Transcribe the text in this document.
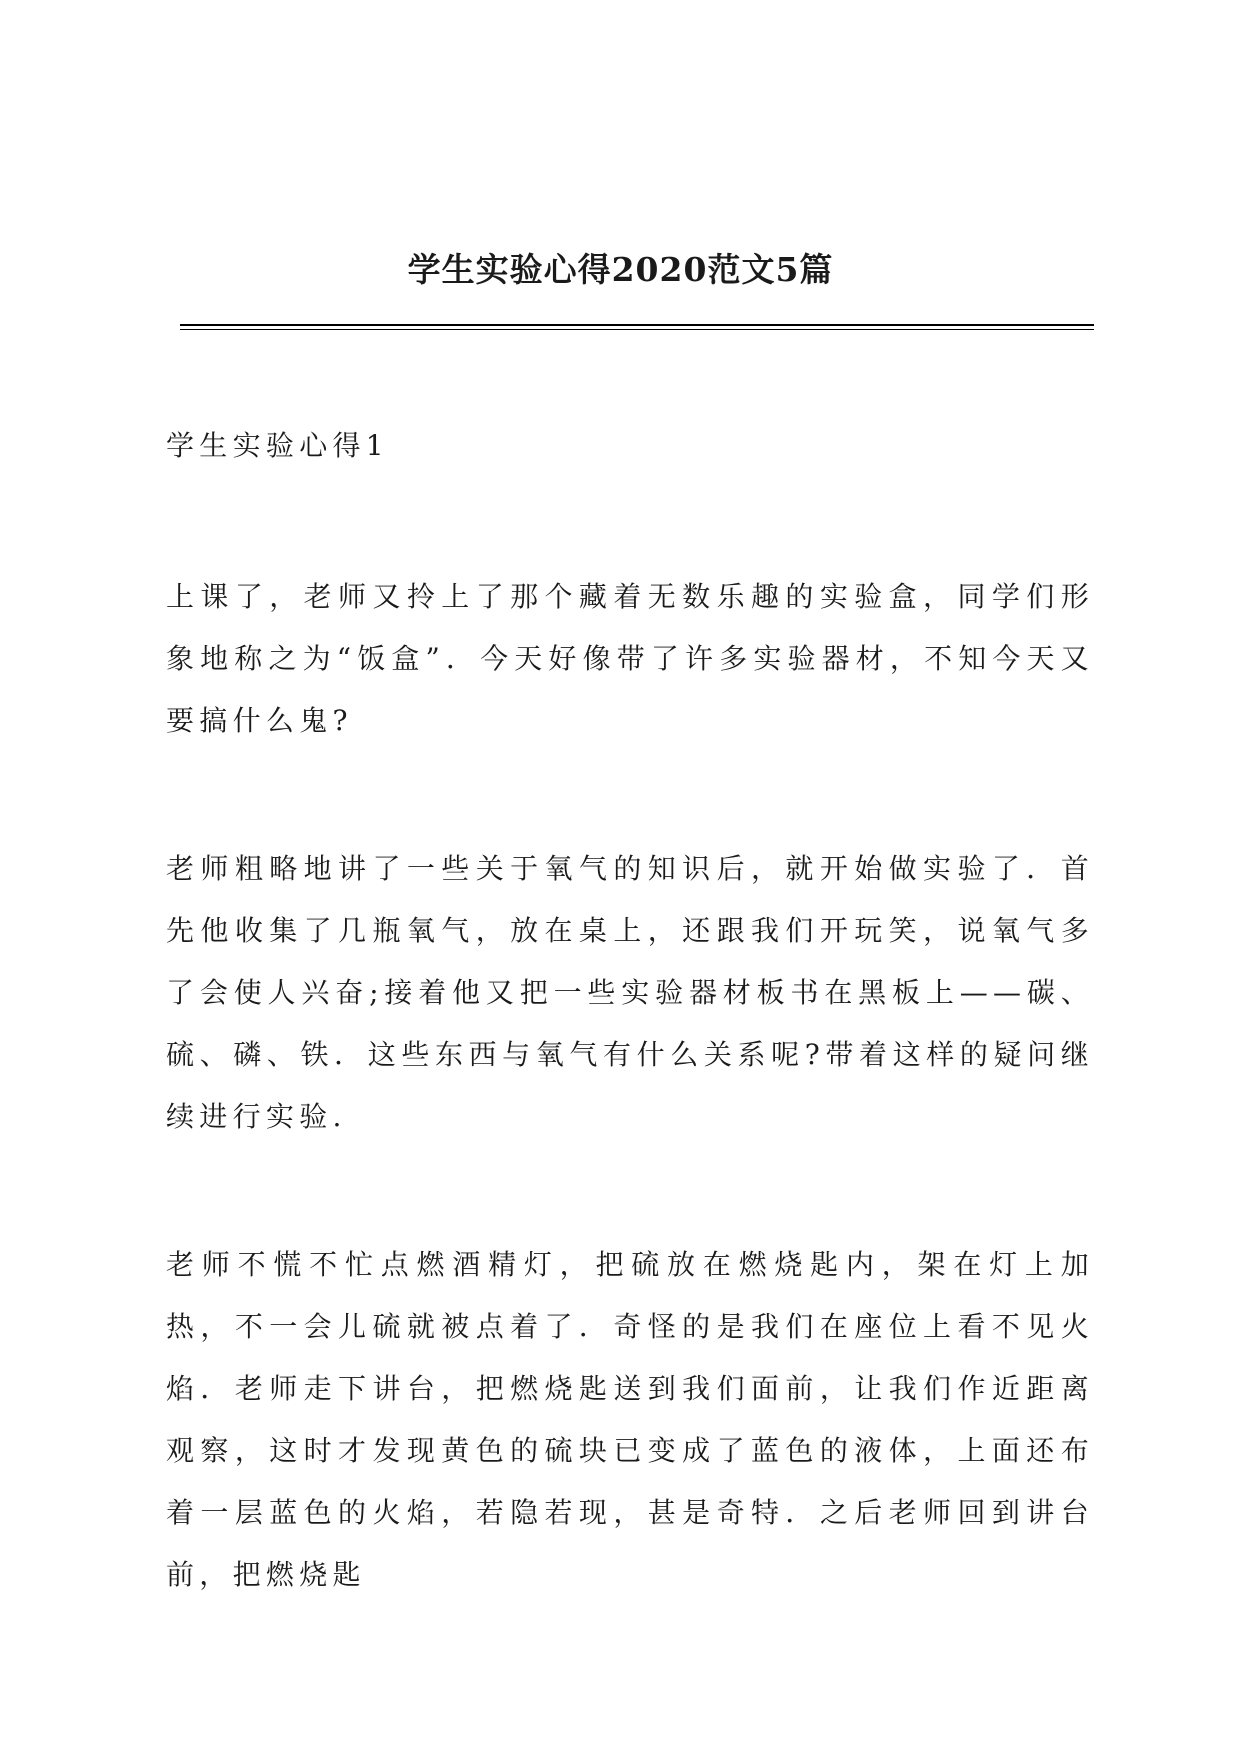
学生实验心得2020范文5篇
学生实验心得1

上课了，老师又拎上了那个藏着无数乐趣的实验盒，同学们形象地称之为“饭盒”．今天好像带了许多实验器材，不知今天又要搞什么鬼?

老师粗略地讲了一些关于氧气的知识后，就开始做实验了．首先他收集了几瓶氧气，放在桌上，还跟我们开玩笑，说氧气多了会使人兴奋;接着他又把一些实验器材板书在黑板上——碳、硫、磷、铁．这些东西与氧气有什么关系呢?带着这样的疑问继续进行实验.

老师不慌不忙点燃酒精灯，把硫放在燃烧匙内，架在灯上加热，不一会儿硫就被点着了．奇怪的是我们在座位上看不见火焰．老师走下讲台，把燃烧匙送到我们面前，让我们作近距离观察，这时才发现黄色的硫块已变成了蓝色的液体，上面还布着一层蓝色的火焰，若隐若现，甚是奇特．之后老师回到讲台前，把燃烧匙
